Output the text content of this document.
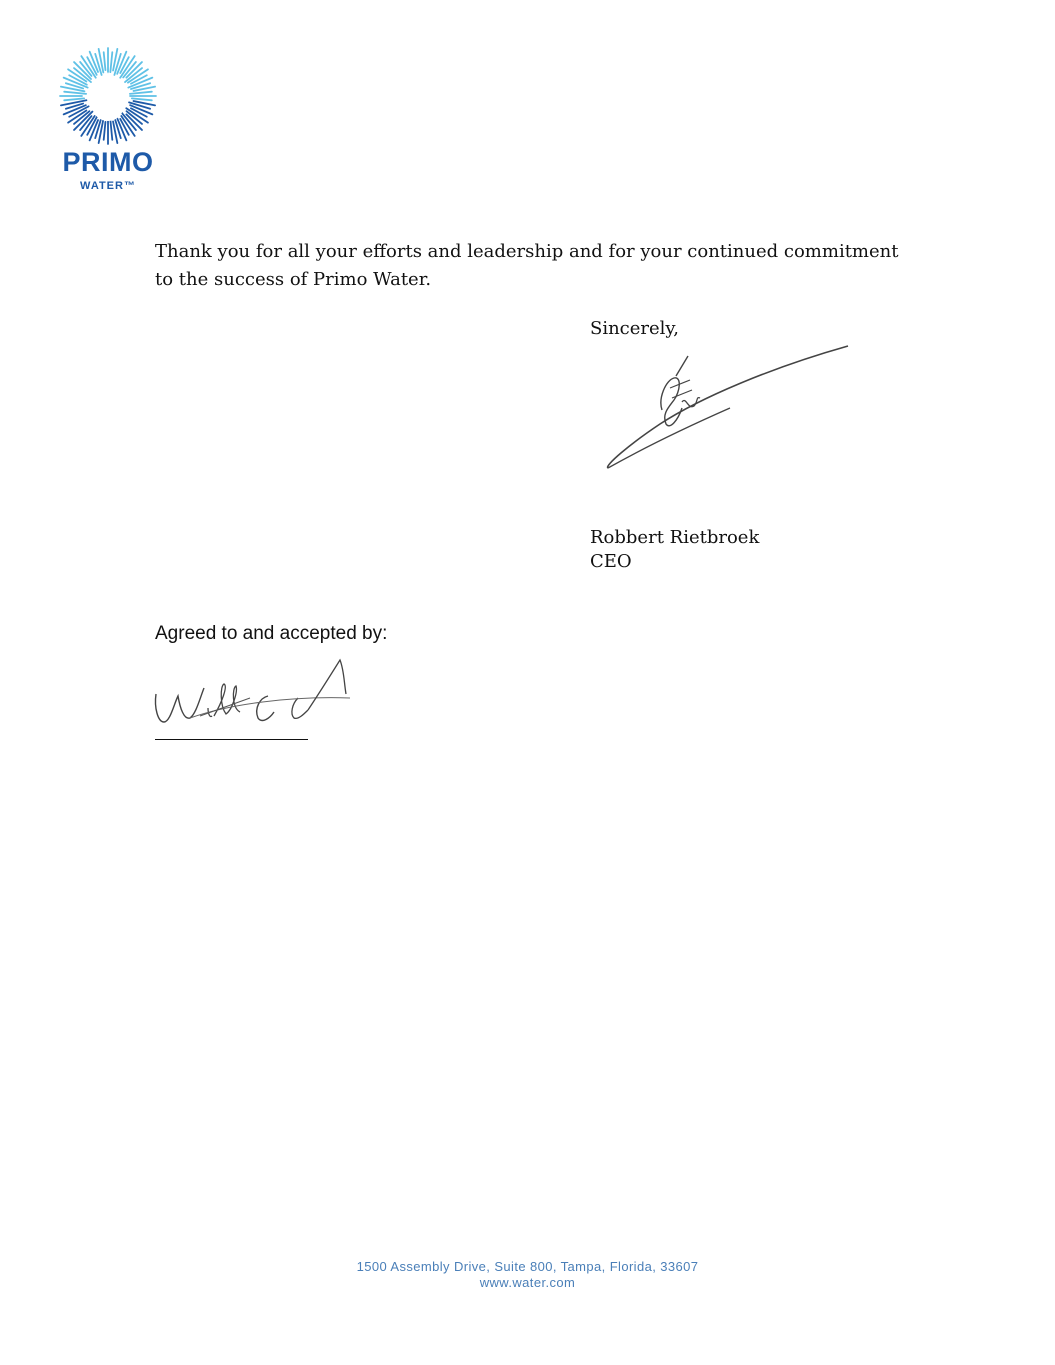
PRIMO
WATER™

Thank you for all your efforts and leadership and for your continued commitment to the success of Primo Water.

Sincerely,

Robbert Rietbroek

CEO

Agreed to and accepted by:

1500 Assembly Drive, Suite 800, Tampa, Florida, 33607

www.water.com
